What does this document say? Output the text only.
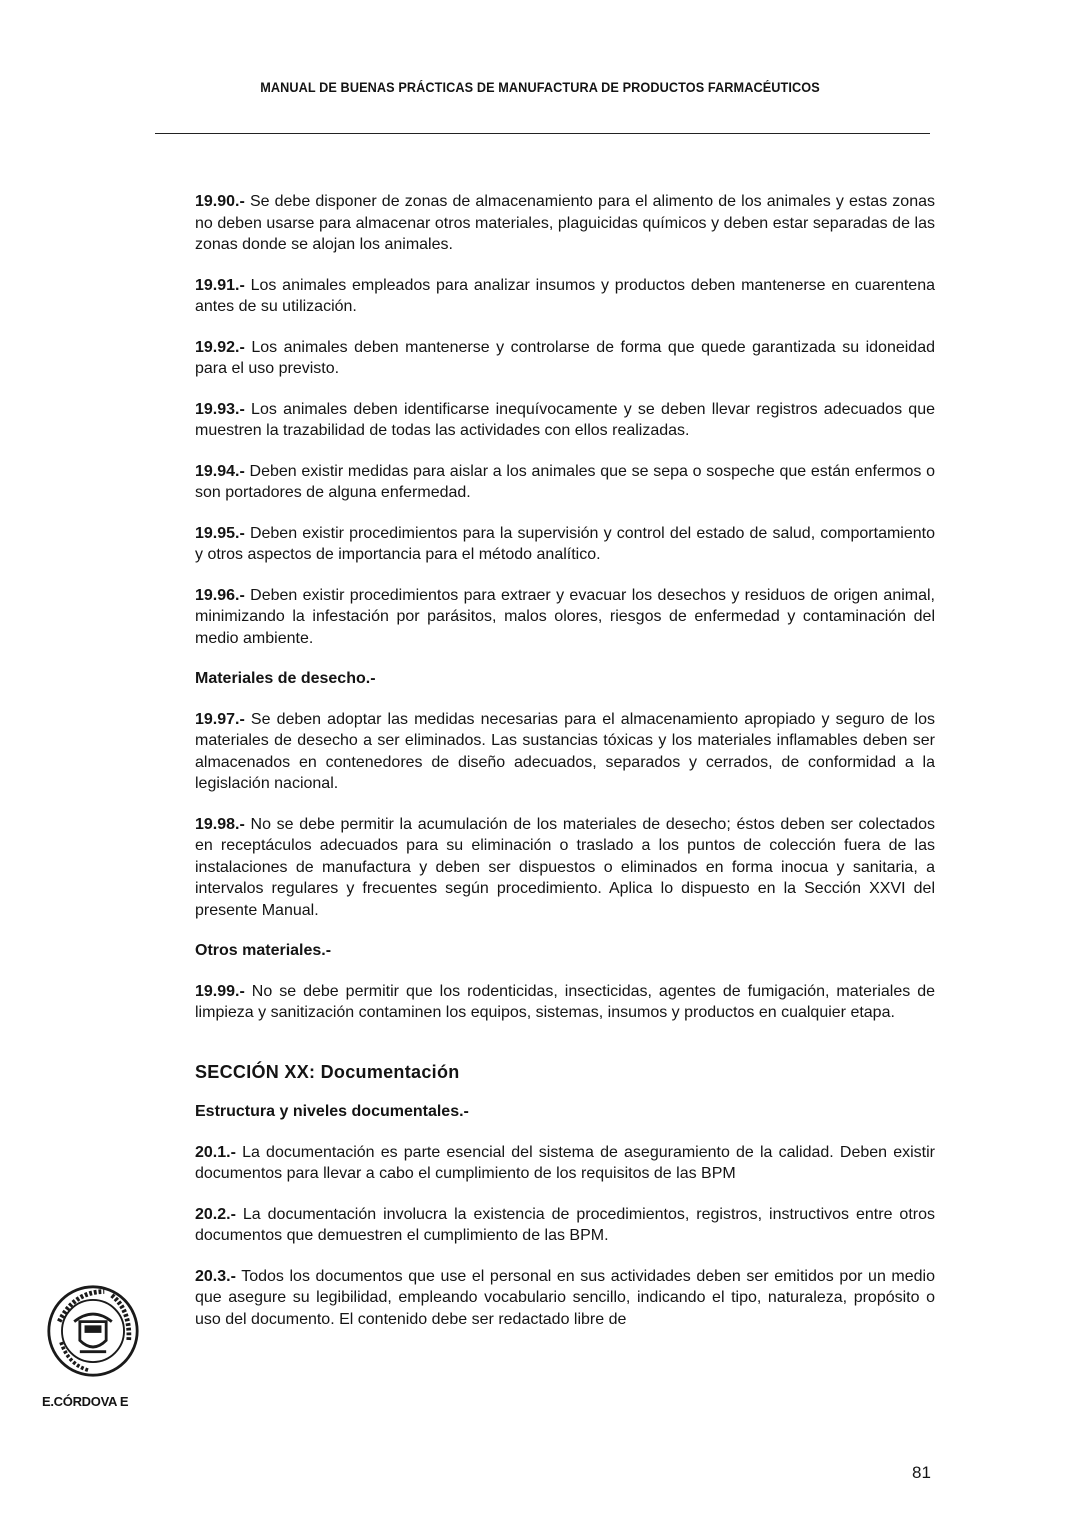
MANUAL DE BUENAS PRÁCTICAS DE MANUFACTURA DE PRODUCTOS FARMACÉUTICOS

19.90.- Se debe disponer de zonas de almacenamiento para el alimento de los animales y estas zonas no deben usarse para almacenar otros materiales, plaguicidas químicos y deben estar separadas de las zonas donde se alojan los animales.

19.91.- Los animales empleados para analizar insumos y productos deben mantenerse en cuarentena antes de su utilización.

19.92.- Los animales deben mantenerse y controlarse de forma que quede garantizada su idoneidad para el uso previsto.

19.93.- Los animales deben identificarse inequívocamente y se deben llevar registros adecuados que muestren la trazabilidad de todas las actividades con ellos realizadas.

19.94.- Deben existir medidas para aislar a los animales que se sepa o sospeche que están enfermos o son portadores de alguna enfermedad.

19.95.- Deben existir procedimientos para la supervisión y control del estado de salud, comportamiento y otros aspectos de importancia para el método analítico.

19.96.- Deben existir procedimientos para extraer y evacuar los desechos y residuos de origen animal, minimizando la infestación por parásitos, malos olores, riesgos de enfermedad y contaminación del medio ambiente.

Materiales de desecho.-

19.97.- Se deben adoptar las medidas necesarias para el almacenamiento apropiado y seguro de los materiales de desecho a ser eliminados. Las sustancias tóxicas y los materiales inflamables deben ser almacenados en contenedores de diseño adecuados, separados y cerrados, de conformidad a la legislación nacional.

19.98.- No se debe permitir la acumulación de los materiales de desecho; éstos deben ser colectados en receptáculos adecuados para su eliminación o traslado a los puntos de colección fuera de las instalaciones de manufactura y deben ser dispuestos o eliminados en forma inocua y sanitaria, a intervalos regulares y frecuentes según procedimiento. Aplica lo dispuesto en la Sección XXVI del presente Manual.

Otros materiales.-

19.99.- No se debe permitir que los rodenticidas, insecticidas, agentes de fumigación, materiales de limpieza y sanitización contaminen los equipos, sistemas, insumos y productos en cualquier etapa.

SECCIÓN XX: Documentación

Estructura y niveles documentales.-

20.1.- La documentación es parte esencial del sistema de aseguramiento de la calidad. Deben existir documentos para llevar a cabo el cumplimiento de los requisitos de las BPM

20.2.- La documentación involucra la existencia de procedimientos, registros, instructivos entre otros documentos que demuestren el cumplimiento de las BPM.

20.3.- Todos los documentos que use el personal en sus actividades deben ser emitidos por un medio que asegure su legibilidad, empleando vocabulario sencillo, indicando el tipo, naturaleza, propósito o uso del documento. El contenido debe ser redactado libre de

E.CÓRDOVA E
81
